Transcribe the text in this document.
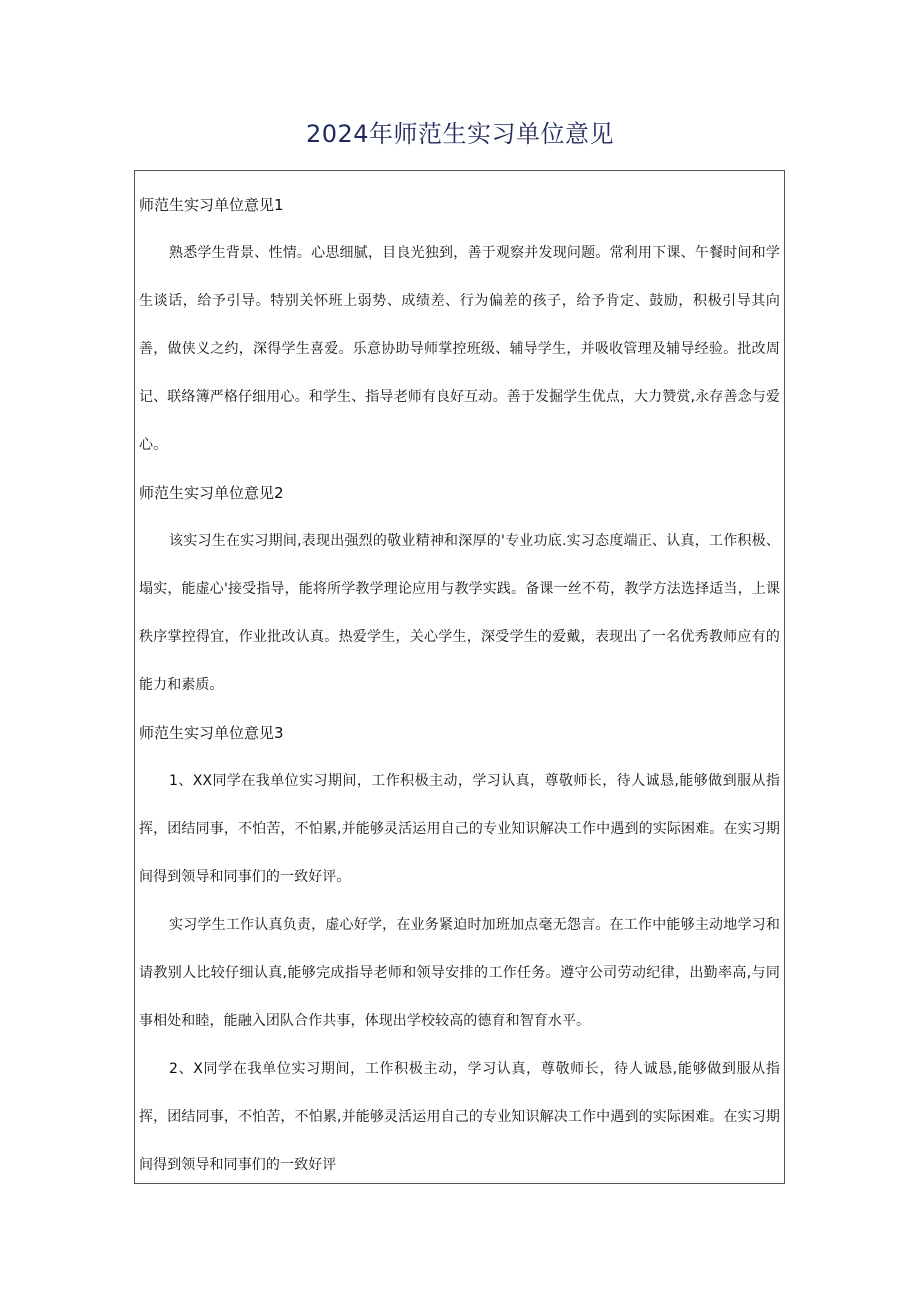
2024年师范生实习单位意见
师范生实习单位意见1

熟悉学生背景、性情。心思细腻，目良光独到，善于观察并发现问题。常利用下课、午餐时间和学生谈话，给予引导。特别关怀班上弱势、成绩差、行为偏差的孩子，给予肯定、鼓励，积极引导其向善，做侠义之约，深得学生喜爱。乐意协助导师掌控班级、辅导学生，并吸收管理及辅导经验。批改周记、联络簿严格仔细用心。和学生、指导老师有良好互动。善于发掘学生优点，大力赞赏,永存善念与爱心。

师范生实习单位意见2

该实习生在实习期间,表现出强烈的敬业精神和深厚的'专业功底.实习态度端正、认真，工作积极、塌实，能虚心'接受指导，能将所学教学理论应用与教学实践。备课一丝不苟，教学方法选择适当，上课秩序掌控得宜，作业批改认真。热爱学生，关心学生，深受学生的爱戴，表现出了一名优秀教师应有的能力和素质。

师范生实习单位意见3

1、XX同学在我单位实习期间，工作积极主动，学习认真，尊敬师长，待人诚恳,能够做到服从指挥，团结同事，不怕苦，不怕累,并能够灵活运用自己的专业知识解决工作中遇到的实际困难。在实习期间得到领导和同事们的一致好评。

实习学生工作认真负责，虚心好学，在业务紧迫时加班加点毫无怨言。在工作中能够主动地学习和请教别人比较仔细认真,能够完成指导老师和领导安排的工作任务。遵守公司劳动纪律，出勤率高,与同事相处和睦，能融入团队合作共事，体现出学校较高的德育和智育水平。

2、X同学在我单位实习期间，工作积极主动，学习认真，尊敬师长，待人诚恳,能够做到服从指挥，团结同事，不怕苦，不怕累,并能够灵活运用自己的专业知识解决工作中遇到的实际困难。在实习期间得到领导和同事们的一致好评
